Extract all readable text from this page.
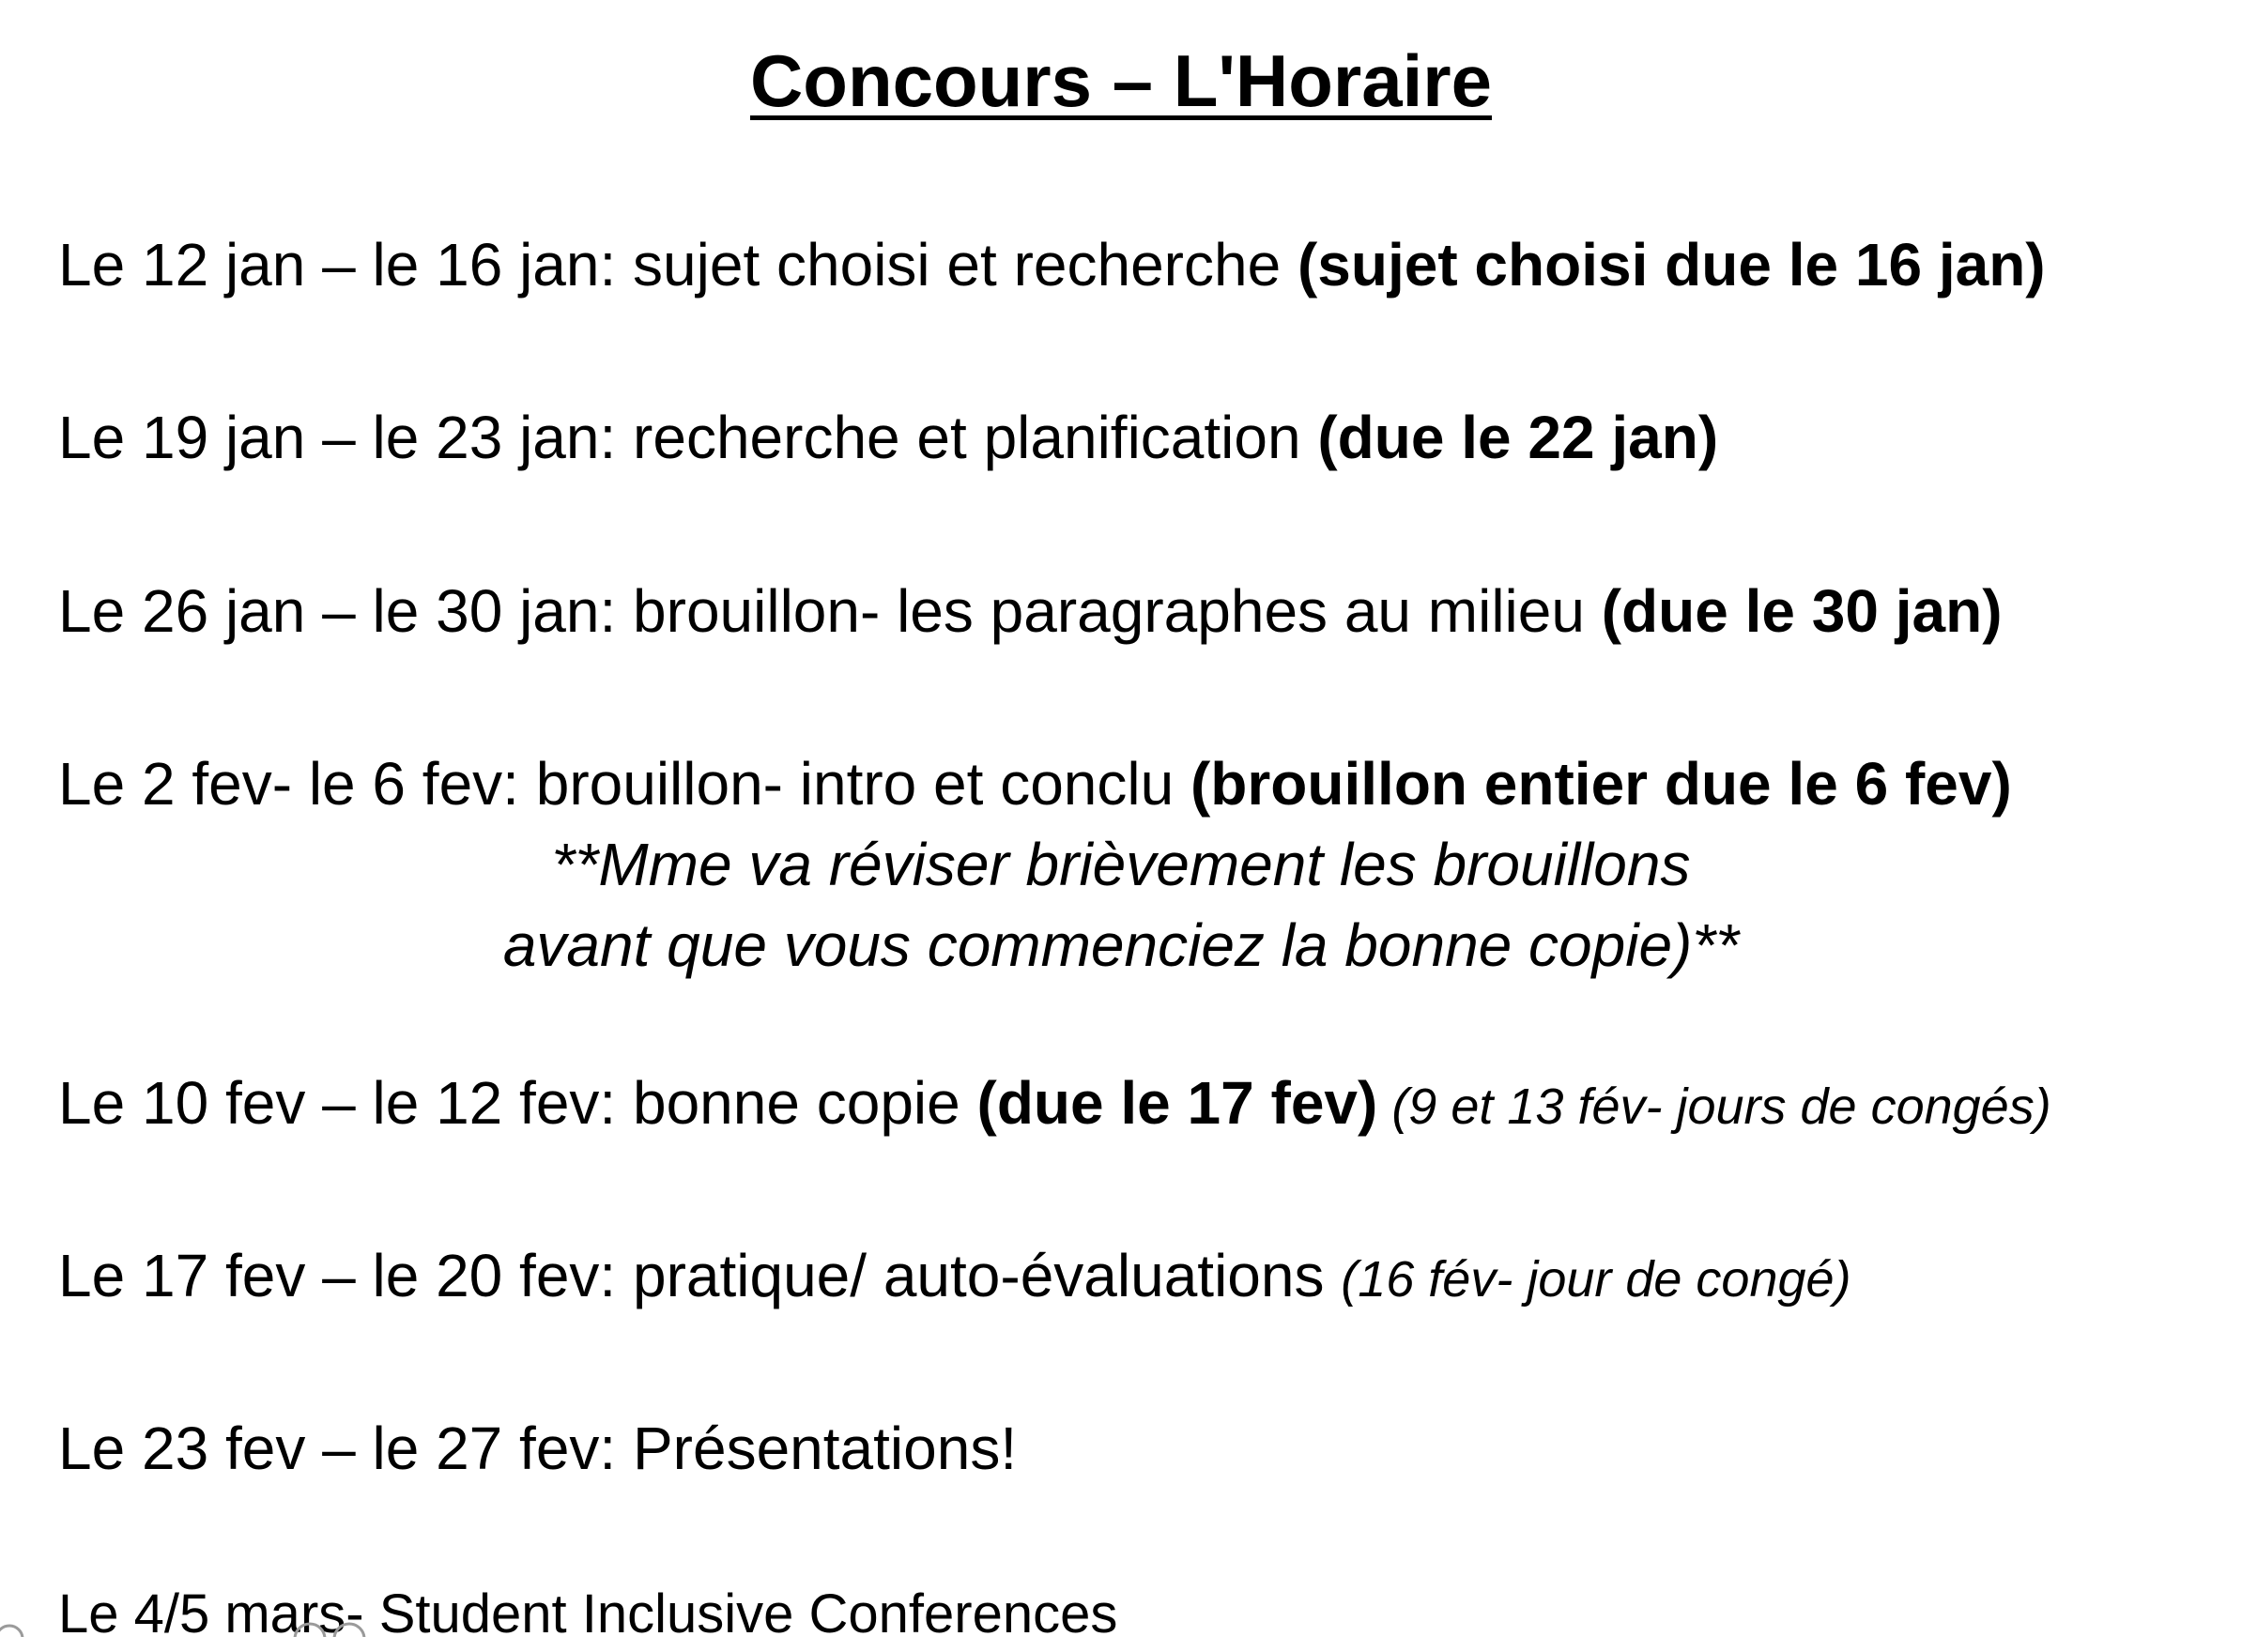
Concours – L'Horaire
Le 12 jan – le 16 jan: sujet choisi et recherche (sujet choisi due le 16 jan)
Le 19 jan – le 23 jan: recherche et planification (due le 22 jan)
Le 26 jan – le 30 jan: brouillon- les paragraphes au milieu (due le 30 jan)
Le 2 fev- le 6 fev: brouillon- intro et conclu (brouillon entier due le 6 fev)
**Mme va réviser brièvement les brouillons
avant que vous commenciez la bonne copie)**
Le 10 fev – le 12 fev: bonne copie (due le 17 fev) (9 et 13 fév- jours de congés)
Le 17 fev – le 20 fev: pratique/ auto-évaluations (16 fév- jour de congé)
Le 23 fev – le 27 fev: Présentations!
Le 4/5 mars- Student Inclusive Conferences
